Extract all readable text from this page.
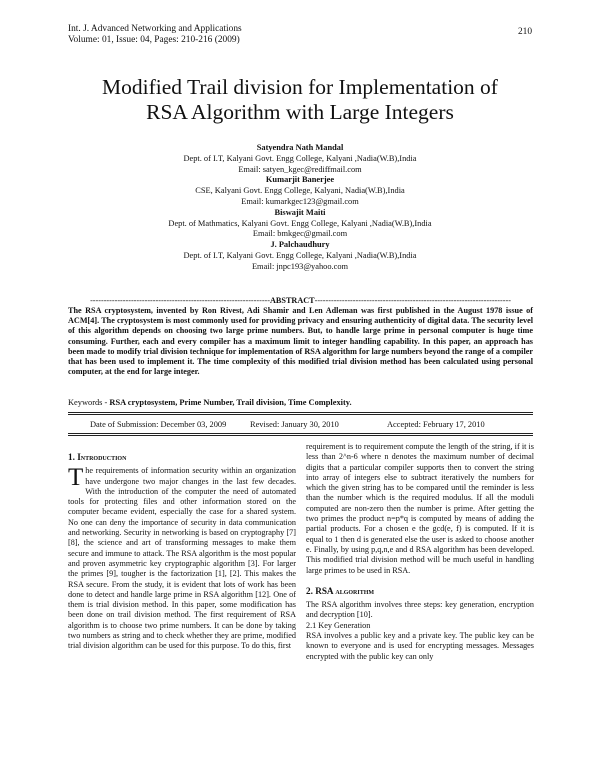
Int. J. Advanced Networking and Applications
Volume: 01, Issue: 04, Pages: 210-216 (2009)
210
Modified Trail division for Implementation of
RSA Algorithm with Large Integers
Satyendra Nath Mandal
Dept. of I.T, Kalyani Govt. Engg College, Kalyani ,Nadia(W.B),India
Email: satyen_kgec@rediffmail.com
Kumarjit Banerjee
CSE, Kalyani Govt. Engg College, Kalyani, Nadia(W.B),India
Email: kumarkgec123@gmail.com
Biswajit Maiti
Dept. of Mathmatics, Kalyani Govt. Engg College, Kalyani ,Nadia(W.B),India
Email: bmkgec@gmail.com
J. Palchaudhury
Dept. of I.T, Kalyani Govt. Engg College, Kalyani ,Nadia(W.B),India
Email: jnpc193@yahoo.com
------------------------------------------------------------------ABSTRACT------------------------------------------------------------------------
The RSA cryptosystem, invented by Ron Rivest, Adi Shamir and Len Adleman was first published in the August 1978 issue of ACM[4]. The cryptosystem is most commonly used for providing privacy and ensuring authenticity of digital data. The security level of this algorithm depends on choosing two large prime numbers. But, to handle large prime in personal computer is huge time consuming. Further, each and every compiler has a maximum limit to integer handling capability. In this paper, an approach has been made to modify trial division technique for implementation of RSA algorithm for large numbers beyond the range of a compiler that has been used to implement it. The time complexity of this modified trial division method has been calculated using personal computer, at the end for large integer.
Keywords - RSA cryptosystem, Prime Number, Trail division, Time Complexity.
Date of Submission: December 03, 2009	Revised: January 30, 2010	Accepted: February 17, 2010

1. Introduction

The requirements of information security within an organization have undergone two major changes in the last few decades. With the introduction of the computer the need of automated tools for protecting files and other information stored on the computer became evident, especially the case for a shared system. No one can deny the importance of security in data communication and networking. Security in networking is based on cryptography [7] [8], the science and art of transforming messages to make them secure and immune to attack. The RSA algorithm is the most popular and proven asymmetric key cryptographic algorithm [3]. For larger the primes [9], tougher is the factorization [1], [2]. This makes the RSA secure. From the study, it is evident that lots of work has been done to detect and handle large prime in RSA algorithm [12]. One of them is trial division method. In this paper, some modification has been done on trail division method. The first requirement of RSA algorithm is to choose two prime numbers. It can be done by taking two numbers as string and to check whether they are prime, modified trial division algorithm can be used for this purpose. To do this, first

requirement is to requirement compute the length of the string, if it is less than 2^n-6 where n denotes the maximum number of decimal digits that a particular compiler supports then to convert the string into array of integers else to subtract iteratively the numbers for which the given string has to be compared until the reminder is less than the number which is the required modulus. If all the moduli computed are non-zero then the number is prime. After getting the two primes the product n=p*q is computed by means of adding the partial products. For a chosen e the gcd(e, f) is computed. If it is equal to 1 then d is generated else the user is asked to choose another e. Finally, by using p,q,n,e and d RSA algorithm has been developed. This modified trial division method will be much useful in handling large primes to be used in RSA.

2. RSA algorithm

The RSA algorithm involves three steps: key generation, encryption and decryption [10].

2.1 Key Generation

RSA involves a public key and a private key. The public key can be known to everyone and is used for encrypting messages. Messages encrypted with the public key can only
